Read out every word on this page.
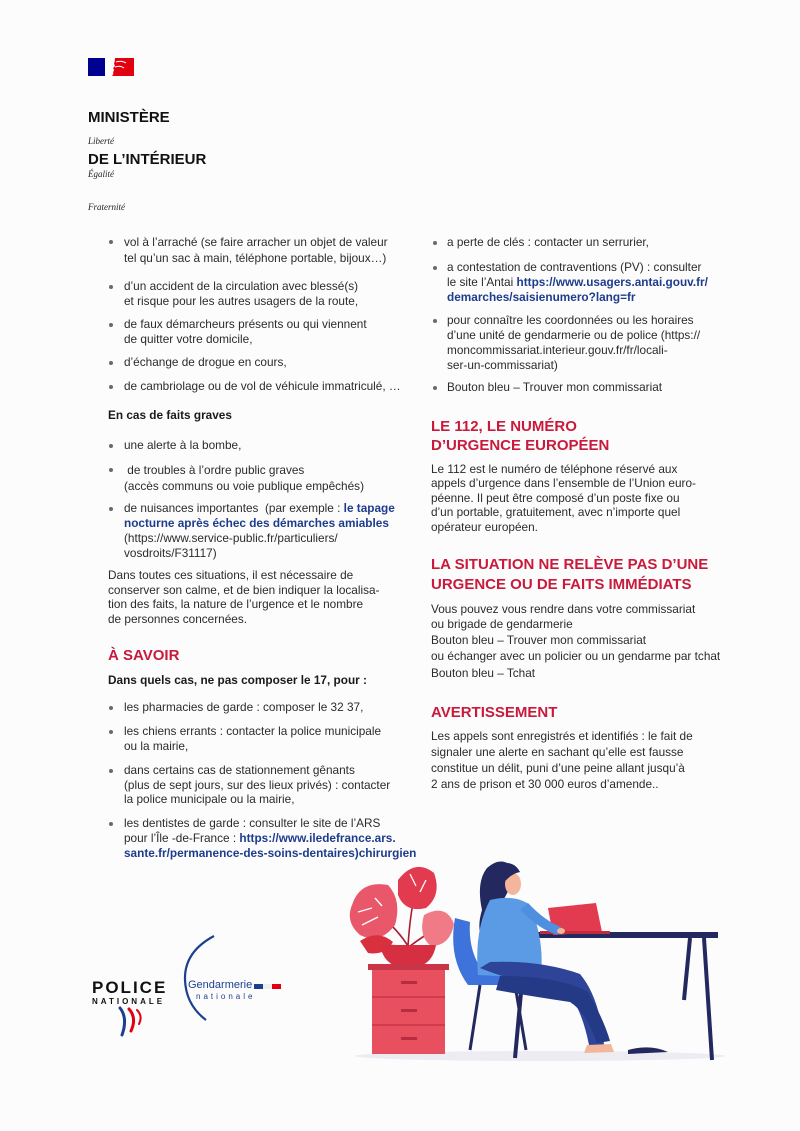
MINISTÈRE

DE L’INTÉRIEUR

Liberté

Égalité

Fraternité

vol à l’arraché (se faire arracher un objet de valeur
tel qu’un sac à main, téléphone portable, bijoux…)
d’un accident de la circulation avec blessé(s)
et risque pour les autres usagers de la route,
de faux démarcheurs présents ou qui viennent
de quitter votre domicile,
d’échange de drogue en cours,
de cambriolage ou de vol de véhicule immatriculé, …
En cas de faits graves
une alerte à la bombe,
de troubles à l’ordre public graves
(accès communs ou voie publique empêchés)
de nuisances importantes  (par exemple : le tapage
nocturne après échec des démarches amiables
(https://www.service-public.fr/particuliers/
vosdroits/F31117)
Dans toutes ces situations, il est nécessaire de
conserver son calme, et de bien indiquer la localisa-
tion des faits, la nature de l’urgence et le nombre
de personnes concernées.
À SAVOIR
Dans quels cas, ne pas composer le 17, pour :
les pharmacies de garde : composer le 32 37,
les chiens errants : contacter la police municipale
ou la mairie,
dans certains cas de stationnement gênants
(plus de sept jours, sur des lieux privés) : contacter
la police municipale ou la mairie,
les dentistes de garde : consulter le site de l’ARS
pour l’Île -de-France : https://www.iledefrance.ars.
sante.fr/permanence-des-soins-dentaires)chirurgien
a perte de clés : contacter un serrurier,
a contestation de contraventions (PV) : consulter
le site l’Antai https://www.usagers.antai.gouv.fr/
demarches/saisienumero?lang=fr
pour connaître les coordonnées ou les horaires
d’une unité de gendarmerie ou de police (https://
moncommissariat.interieur.gouv.fr/fr/locali-
ser-un-commissariat)
Bouton bleu – Trouver mon commissariat
LE 112, LE NUMÉRO
D’URGENCE EUROPÉEN
Le 112 est le numéro de téléphone réservé aux
appels d’urgence dans l’ensemble de l’Union euro-
péenne. Il peut être composé d’un poste fixe ou
d’un portable, gratuitement, avec n’importe quel
opérateur européen.
LA SITUATION NE RELÈVE PAS D’UNE
URGENCE OU DE FAITS IMMÉDIATS
Vous pouvez vous rendre dans votre commissariat
ou brigade de gendarmerie
Bouton bleu – Trouver mon commissariat
ou échanger avec un policier ou un gendarme par tchat
Bouton bleu – Tchat
AVERTISSEMENT
Les appels sont enregistrés et identifiés : le fait de
signaler une alerte en sachant qu’elle est fausse
constitue un délit, puni d’une peine allant jusqu’à
2 ans de prison et 30 000 euros d’amende..
POLICE
NATIONALE
Gendarmerie
nationale
